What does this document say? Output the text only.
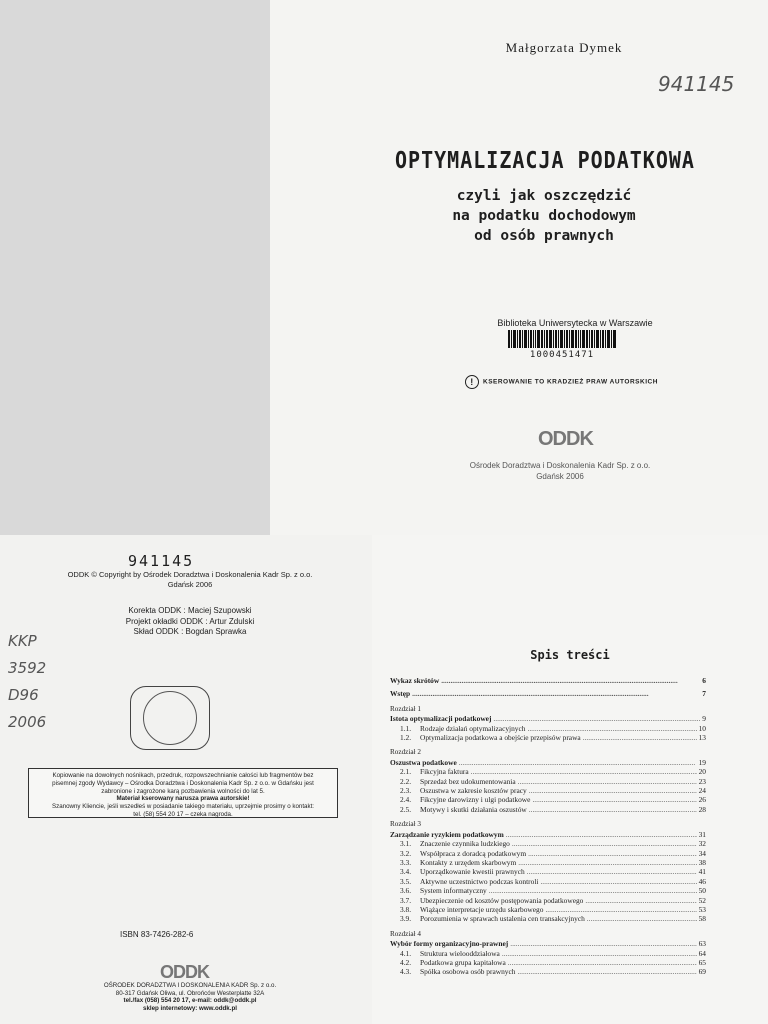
Małgorzata Dymek
941145
OPTYMALIZACJA PODATKOWA
czyli jak oszczędzić
na podatku dochodowym
od osób prawnych
Biblioteka Uniwersytecka w Warszawie
1000451471
! KSEROWANIE TO KRADZIEŻ PRAW AUTORSKICH
ODDK
Ośrodek Doradztwa i Doskonalenia Kadr Sp. z o.o.
Gdańsk 2006
941145
ODDK © Copyright by Ośrodek Doradztwa i Doskonalenia Kadr Sp. z o.o.
Gdańsk 2006
Korekta ODDK : Maciej Szupowski
Projekt okładki ODDK : Artur Zdulski
Skład ODDK : Bogdan Sprawka
KKP
3592
D96
2006
Kopiowanie na dowolnych nośnikach, przedruk, rozpowszechnianie całości lub fragmentów bez
pisemnej zgody Wydawcy – Ośrodka Doradztwa i Doskonalenia Kadr Sp. z o.o. w Gdańsku jest
zabronione i zagrożone karą pozbawienia wolności do lat 5.
Materiał kserowany narusza prawa autorskie!
Szanowny Kliencie, jeśli wszedłeś w posiadanie takiego materiału, uprzejmie prosimy o kontakt:
tel. (58) 554 20 17 – czeka nagroda.
ISBN 83-7426-282-6
ODDK
OŚRODEK DORADZTWA I DOSKONALENIA KADR Sp. z o.o.
80-317 Gdańsk Oliwa, ul. Obrońców Westerplatte 32A
tel./fax (058) 554 20 17, e-mail: oddk@oddk.pl
sklep internetowy: www.oddk.pl
Spis treści
Wykaz skrótów .....	6
Wstęp .....	7
Rozdział 1
Istota optymalizacji podatkowej .....	9
1.1. Rodzaje działań optymalizacyjnych .....	10
1.2. Optymalizacja podatkowa a obejście przepisów prawa .....	13
Rozdział 2
Oszustwa podatkowe .....	19
2.1. Fikcyjna faktura .....	20
2.2. Sprzedaż bez udokumentowania .....	23
2.3. Oszustwa w zakresie kosztów pracy .....	24
2.4. Fikcyjne darowizny i ulgi podatkowe .....	26
2.5. Motywy i skutki działania oszustów .....	28
Rozdział 3
Zarządzanie ryzykiem podatkowym .....	31
3.1. Znaczenie czynnika ludzkiego .....	32
3.2. Współpraca z doradcą podatkowym .....	34
3.3. Kontakty z urzędem skarbowym .....	38
3.4. Uporządkowanie kwestii prawnych .....	41
3.5. Aktywne uczestnictwo podczas kontroli .....	46
3.6. System informatyczny .....	50
3.7. Ubezpieczenie od kosztów postępowania podatkowego .....	52
3.8. Wiążące interpretacje urzędu skarbowego .....	53
3.9. Porozumienia w sprawach ustalenia cen transakcyjnych .....	58
Rozdział 4
Wybór formy organizacyjno-prawnej .....	63
4.1. Struktura wielooddziałowa .....	64
4.2. Podatkowa grupa kapitałowa .....	65
4.3. Spółka osobowa osób prawnych .....	69
